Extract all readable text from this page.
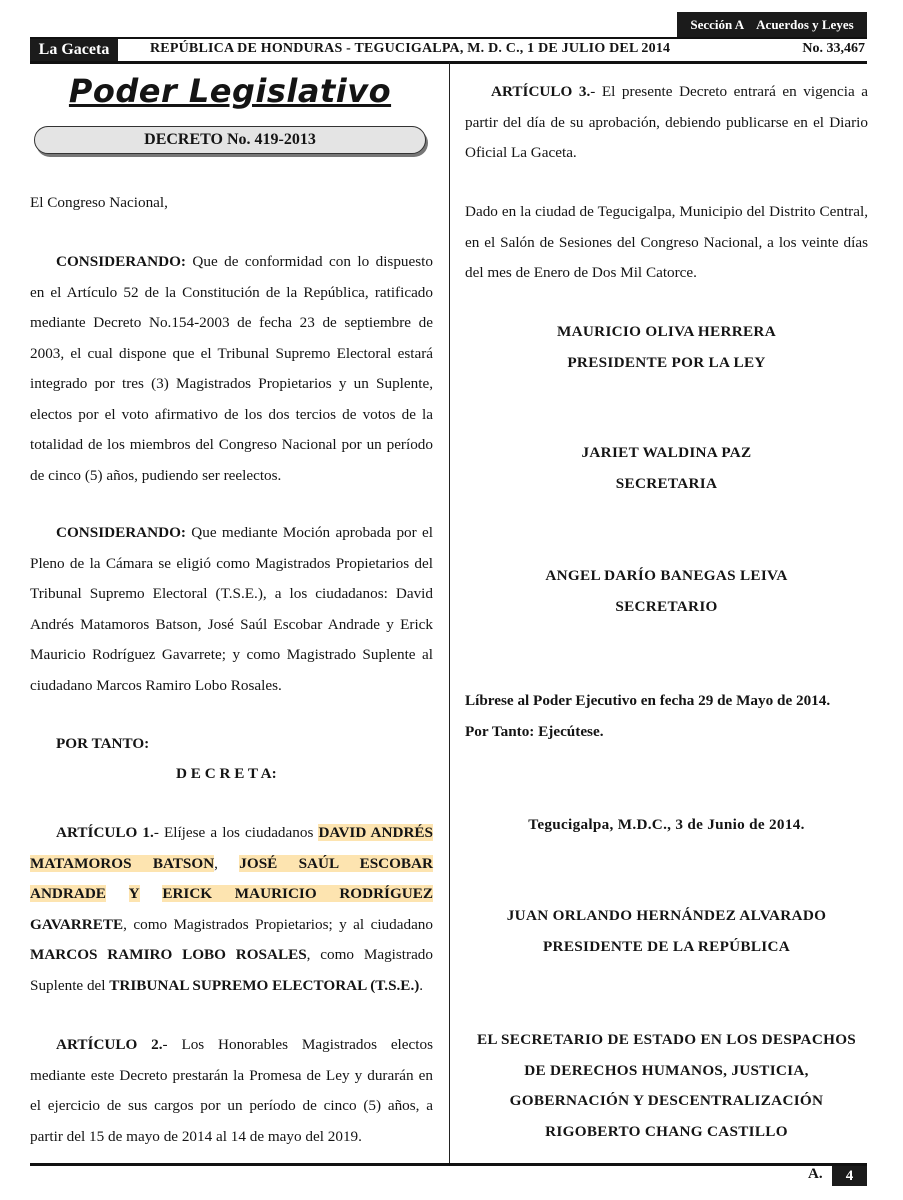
Sección A Acuerdos y Leyes
La Gaceta	REPÚBLICA DE HONDURAS - TEGUCIGALPA, M. D. C., 1 DE JULIO DEL 2014	No. 33,467
Poder Legislativo
DECRETO No. 419-2013
El Congreso Nacional,
CONSIDERANDO: Que de conformidad con lo dispuesto en el Artículo 52 de la Constitución de la República, ratificado mediante Decreto No.154-2003 de fecha 23 de septiembre de 2003, el cual dispone que el Tribunal Supremo Electoral estará integrado por tres (3) Magistrados Propietarios y un Suplente, electos por el voto afirmativo de los dos tercios de votos de la totalidad de los miembros del Congreso Nacional por un período de cinco (5) años, pudiendo ser reelectos.
CONSIDERANDO: Que mediante Moción aprobada por el Pleno de la Cámara se eligió como Magistrados Propietarios del Tribunal Supremo Electoral (T.S.E.), a los ciudadanos: David Andrés Matamoros Batson, José Saúl Escobar Andrade y Erick Mauricio Rodríguez Gavarrete; y como Magistrado Suplente al ciudadano Marcos Ramiro Lobo Rosales.
POR TANTO:
D E C R E T A:
ARTÍCULO 1.- Elíjese a los ciudadanos DAVID ANDRÉS MATAMOROS BATSON, JOSÉ SAÚL ESCOBAR ANDRADE Y ERICK MAURICIO RODRÍGUEZ GAVARRETE, como Magistrados Propietarios; y al ciudadano MARCOS RAMIRO LOBO ROSALES, como Magistrado Suplente del TRIBUNAL SUPREMO ELECTORAL (T.S.E.).
ARTÍCULO 2.- Los Honorables Magistrados electos mediante este Decreto prestarán la Promesa de Ley y durarán en el ejercicio de sus cargos por un período de cinco (5) años, a partir del 15 de mayo de 2014 al 14 de mayo del 2019.
ARTÍCULO 3.- El presente Decreto entrará en vigencia a partir del día de su aprobación, debiendo publicarse en el Diario Oficial La Gaceta.
Dado en la ciudad de Tegucigalpa, Municipio del Distrito Central, en el Salón de Sesiones del Congreso Nacional, a los veinte días del mes de Enero de Dos Mil Catorce.
MAURICIO OLIVA HERRERA
PRESIDENTE POR LA LEY
JARIET WALDINA PAZ
SECRETARIA
ANGEL DARÍO BANEGAS LEIVA
SECRETARIO
Líbrese al Poder Ejecutivo en fecha 29 de Mayo de 2014.
Por Tanto: Ejecútese.
Tegucigalpa, M.D.C., 3 de Junio de 2014.
JUAN ORLANDO HERNÁNDEZ ALVARADO
PRESIDENTE DE LA REPÚBLICA
EL SECRETARIO DE ESTADO EN LOS DESPACHOS
DE DERECHOS HUMANOS, JUSTICIA,
GOBERNACIÓN Y DESCENTRALIZACIÓN
RIGOBERTO CHANG CASTILLO
A.	4
